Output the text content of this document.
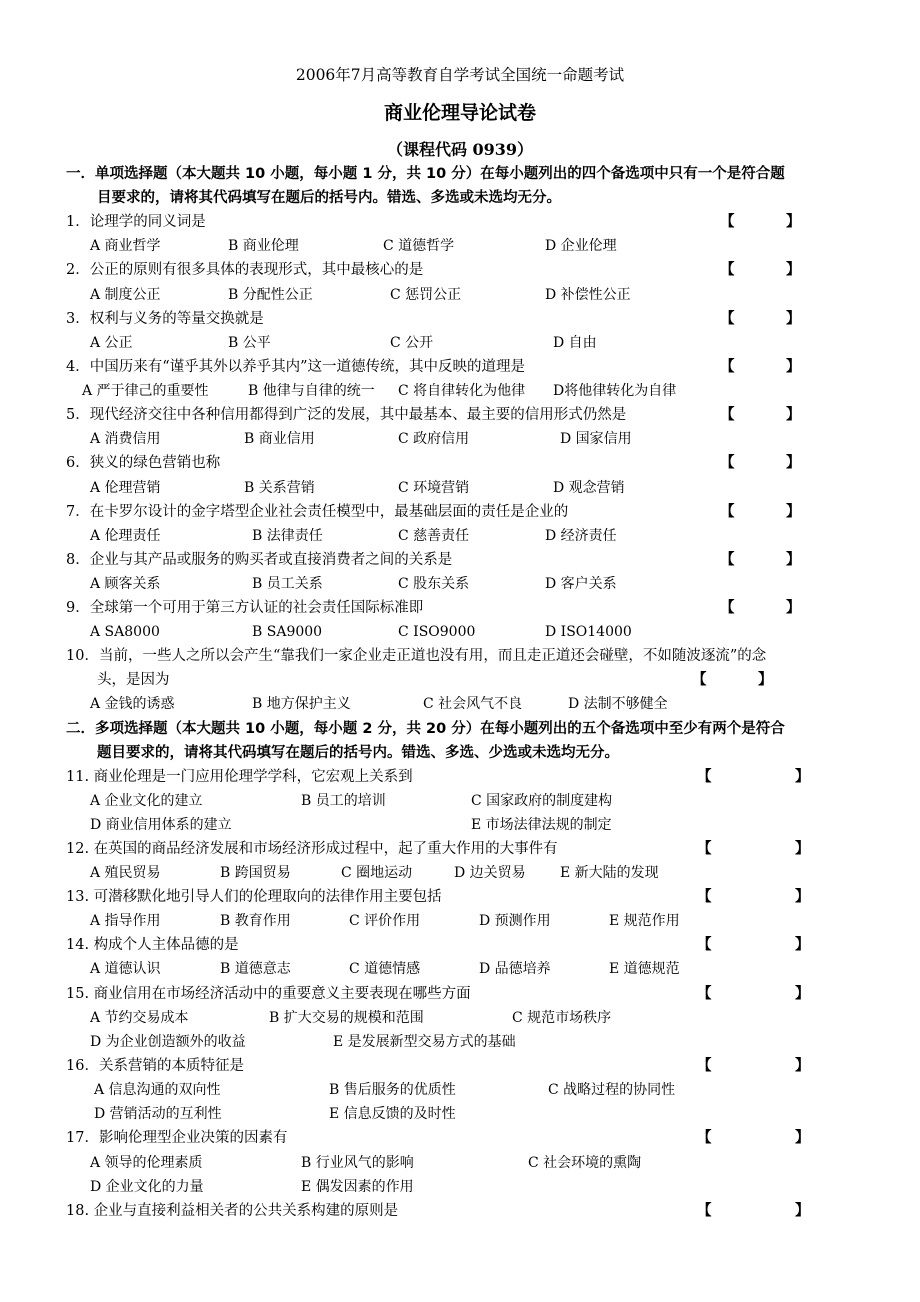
2006年7月高等教育自学考试全国统一命题考试
商业伦理导论试卷
（课程代码 0939）
一．单项选择题（本大题共 10 小题，每小题 1 分，共 10 分）在每小题列出的四个备选项中只有一个是符合题
目要求的，请将其代码填写在题后的括号内。错选、多选或未选均无分。
1．论理学的同义词是	【	】
A 商业哲学	B 商业伦理	C 道德哲学	D 企业伦理
2．公正的原则有很多具体的表现形式，其中最核心的是	【	】
A 制度公正	B 分配性公正	C 惩罚公正	D 补偿性公正
3．权利与义务的等量交换就是	【	】
A 公正	B 公平	C 公开	D 自由
4．中国历来有“谨乎其外以养乎其内”这一道德传统，其中反映的道理是	【	】
A 严于律己的重要性	B 他律与自律的统一 C 将自律转化为他律 D将他律转化为自律
5．现代经济交往中各种信用都得到广泛的发展，其中最基本、最主要的信用形式仍然是	【	】
A 消费信用	B 商业信用	C 政府信用	D 国家信用
6．狭义的绿色营销也称	【	】
A 伦理营销	B 关系营销	C 环境营销	D 观念营销
7．在卡罗尔设计的金字塔型企业社会责任模型中，最基础层面的责任是企业的	【	】
A 伦理责任	B 法律责任	C 慈善责任	D 经济责任
8．企业与其产品或服务的购买者或直接消费者之间的关系是	【	】
A 顾客关系	B 员工关系	C 股东关系	D 客户关系
9．全球第一个可用于第三方认证的社会责任国际标准即	【	】
A SA8000	B SA9000	C ISO9000	D ISO14000
10．当前，一些人之所以会产生“靠我们一家企业走正道也没有用，而且走正道还会碰壁，不如随波逐流”的念
头，是因为
A 金钱的诱惑	B 地方保护主义	C 社会风气不良	D 法制不够健全
【	】
二．多项选择题（本大题共 10 小题，每小题 2 分，共 20 分）在每小题列出的五个备选项中至少有两个是符合
题目要求的，请将其代码填写在题后的括号内。错选、多选、少选或未选均无分。
11. 商业伦理是一门应用伦理学学科，它宏观上关系到	【	】
A 企业文化的建立	B 员工的培训	C 国家政府的制度建构
D 商业信用体系的建立	E 市场法律法规的制定
12. 在英国的商品经济发展和市场经济形成过程中，起了重大作用的大事件有	【	】
A 殖民贸易	B 跨国贸易	C 圈地运动	D 边关贸易 E 新大陆的发现
13. 可潜移默化地引导人们的伦理取向的法律作用主要包括	【	】
A 指导作用	B 教育作用	C 评价作用	D 预测作用	E 规范作用
14. 构成个人主体品德的是	【	】
A 道德认识	B 道德意志	C 道德情感	D 品德培养	E 道德规范
15. 商业信用在市场经济活动中的重要意义主要表现在哪些方面	【	】
A 节约交易成本	B 扩大交易的规模和范围	C 规范市场秩序
D 为企业创造额外的收益	E 是发展新型交易方式的基础
16．关系营销的本质特征是	【	】
A 信息沟通的双向性	B 售后服务的优质性	C 战略过程的协同性
D 营销活动的互利性	E 信息反馈的及时性
17．影响伦理型企业决策的因素有	【	】
A 领导的伦理素质	B 行业风气的影响	C 社会环境的熏陶
D 企业文化的力量	E 偶发因素的作用
18. 企业与直接利益相关者的公共关系构建的原则是	【	】
